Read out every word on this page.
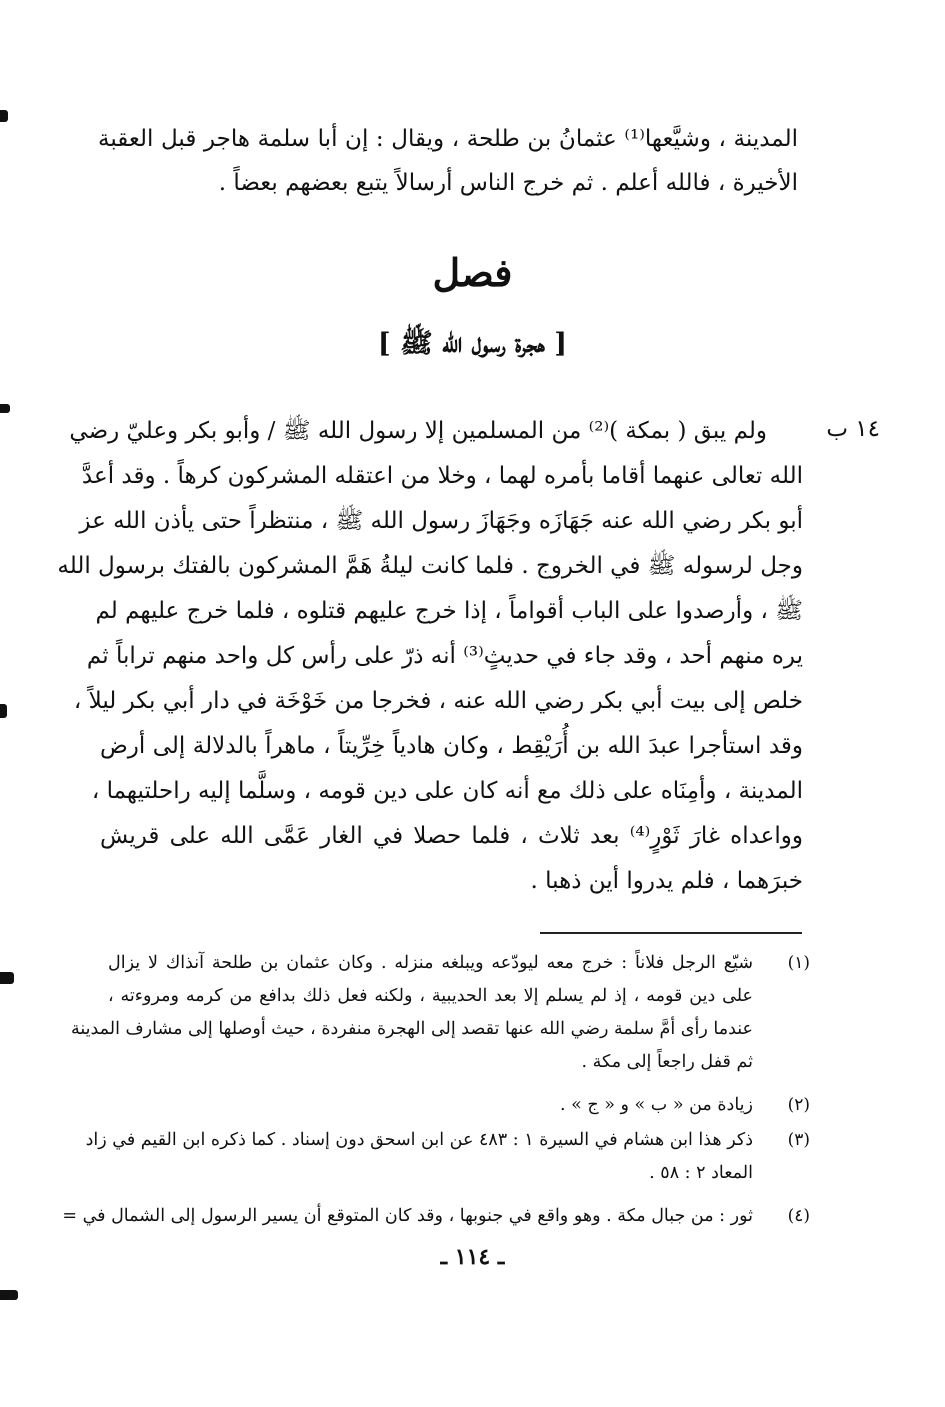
المدينة ، وشيَّعها⁽¹⁾ عثمانُ بن طلحة ، ويقال : إن أبا سلمة هاجر قبل العقبة
الأخيرة ، فالله أعلم . ثم خرج الناس أرسالاً يتبع بعضهم بعضاً .
فصل
[ هجرة رسول الله ﷺ ]
١٤ ب
ولم يبق ( بمكة )⁽²⁾ من المسلمين إلا رسول الله ﷺ / وأبو بكر وعليّ رضي
الله تعالى عنهما أقاما بأمره لهما ، وخلا من اعتقله المشركون كرهاً . وقد أعدَّ
أبو بكر رضي الله عنه جَهَازَه وجَهَازَ رسول الله ﷺ ، منتظراً حتى يأذن الله عز
وجل لرسوله ﷺ في الخروج . فلما كانت ليلةُ هَمَّ المشركون بالفتك برسول الله
ﷺ ، وأرصدوا على الباب أقواماً ، إذا خرج عليهم قتلوه ، فلما خرج عليهم لم
يره منهم أحد ، وقد جاء في حديثٍ⁽³⁾ أنه ذرّ على رأس كل واحد منهم تراباً ثم
خلص إلى بيت أبي بكر رضي الله عنه ، فخرجا من خَوْخَة في دار أبي بكر ليلاً ،
وقد استأجرا عبدَ الله بن أُرَيْقِط ، وكان هادياً خِرِّيتاً ، ماهراً بالدلالة إلى أرض
المدينة ، وأمِنَاه على ذلك مع أنه كان على دين قومه ، وسلَّما إليه راحلتيهما ،
وواعداه غارَ ثَوْرٍ⁽⁴⁾ بعد ثلاث ، فلما حصلا في الغار عَمَّى الله على قريش
خبرَهما ، فلم يدروا أين ذهبا .
(١)
شيّع الرجل فلاناً : خرج معه ليودّعه ويبلغه منزله . وكان عثمان بن طلحة آنذاك لا يزال
على دين قومه ، إذ لم يسلم إلا بعد الحديبية ، ولكنه فعل ذلك بدافع من كرمه ومروءته ،
عندما رأى أمَّ سلمة رضي الله عنها تقصد إلى الهجرة منفردة ، حيث أوصلها إلى مشارف المدينة
ثم قفل راجعاً إلى مكة .
(٢)
زيادة من « ب » و « ج » .
(٣)
ذكر هذا ابن هشام في السيرة ١ : ٤٨٣ عن ابن اسحق دون إسناد . كما ذكره ابن القيم في زاد
المعاد ٢ : ٥٨ .
(٤)
ثور : من جبال مكة . وهو واقع في جنوبها ، وقد كان المتوقع أن يسير الرسول إلى الشمال في =
ـ ١١٤ ـ
